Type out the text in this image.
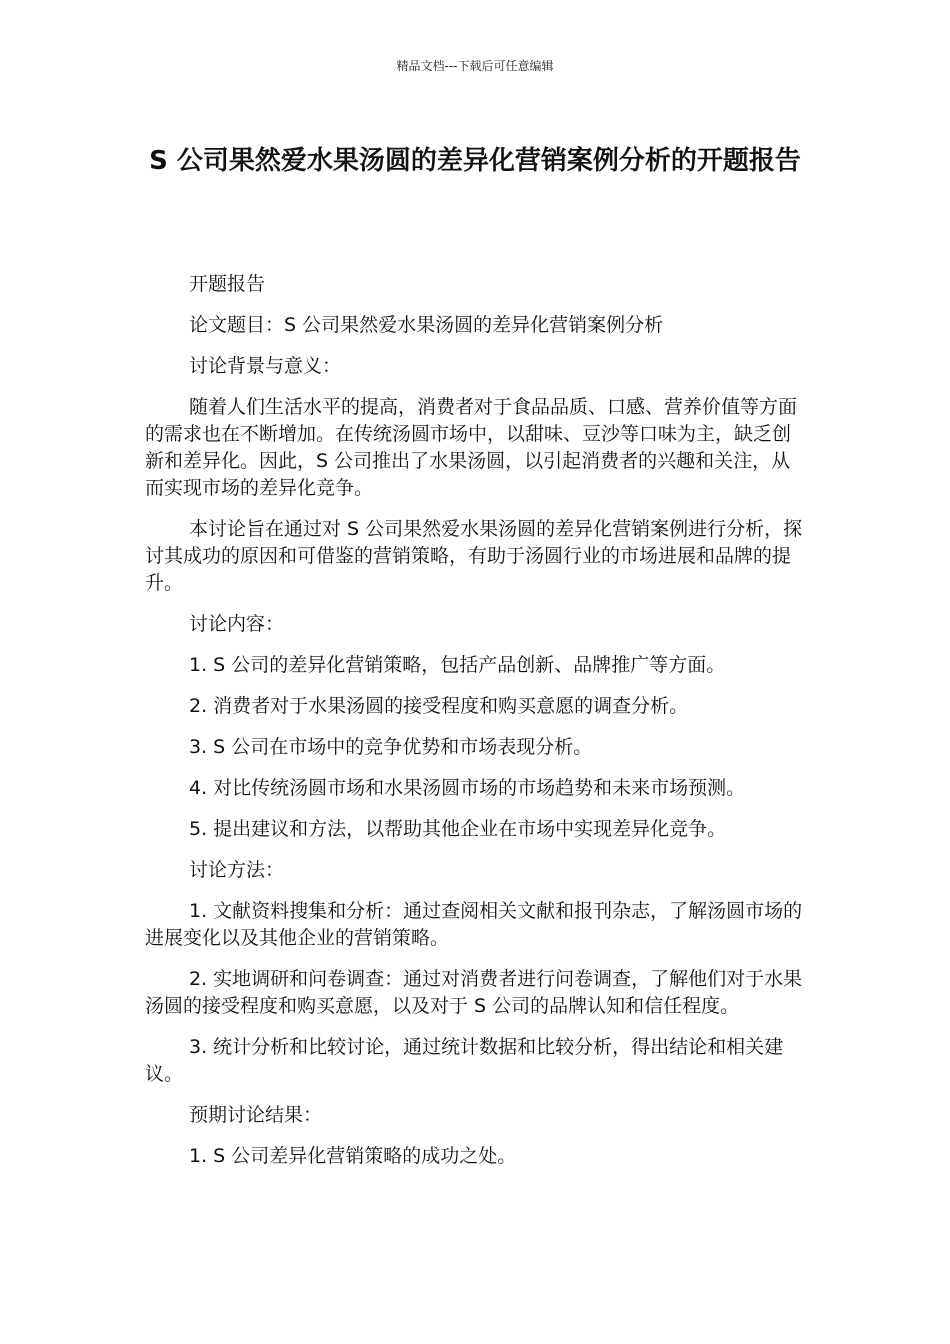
精品文档---下载后可任意编辑
S 公司果然爱水果汤圆的差异化营销案例分析的开题报告

开题报告

论文题目：S 公司果然爱水果汤圆的差异化营销案例分析

讨论背景与意义：

随着人们生活水平的提高，消费者对于食品品质、口感、营养价值等方面的需求也在不断增加。在传统汤圆市场中，以甜味、豆沙等口味为主，缺乏创新和差异化。因此，S 公司推出了水果汤圆，以引起消费者的兴趣和关注，从而实现市场的差异化竞争。

本讨论旨在通过对 S 公司果然爱水果汤圆的差异化营销案例进行分析，探讨其成功的原因和可借鉴的营销策略，有助于汤圆行业的市场进展和品牌的提升。

讨论内容：

1. S 公司的差异化营销策略，包括产品创新、品牌推广等方面。

2. 消费者对于水果汤圆的接受程度和购买意愿的调查分析。

3. S 公司在市场中的竞争优势和市场表现分析。

4. 对比传统汤圆市场和水果汤圆市场的市场趋势和未来市场预测。

5. 提出建议和方法，以帮助其他企业在市场中实现差异化竞争。

讨论方法：

1. 文献资料搜集和分析：通过查阅相关文献和报刊杂志，了解汤圆市场的进展变化以及其他企业的营销策略。

2. 实地调研和问卷调查：通过对消费者进行问卷调查，了解他们对于水果汤圆的接受程度和购买意愿，以及对于 S 公司的品牌认知和信任程度。

3. 统计分析和比较讨论，通过统计数据和比较分析，得出结论和相关建议。

预期讨论结果：

1. S 公司差异化营销策略的成功之处。
